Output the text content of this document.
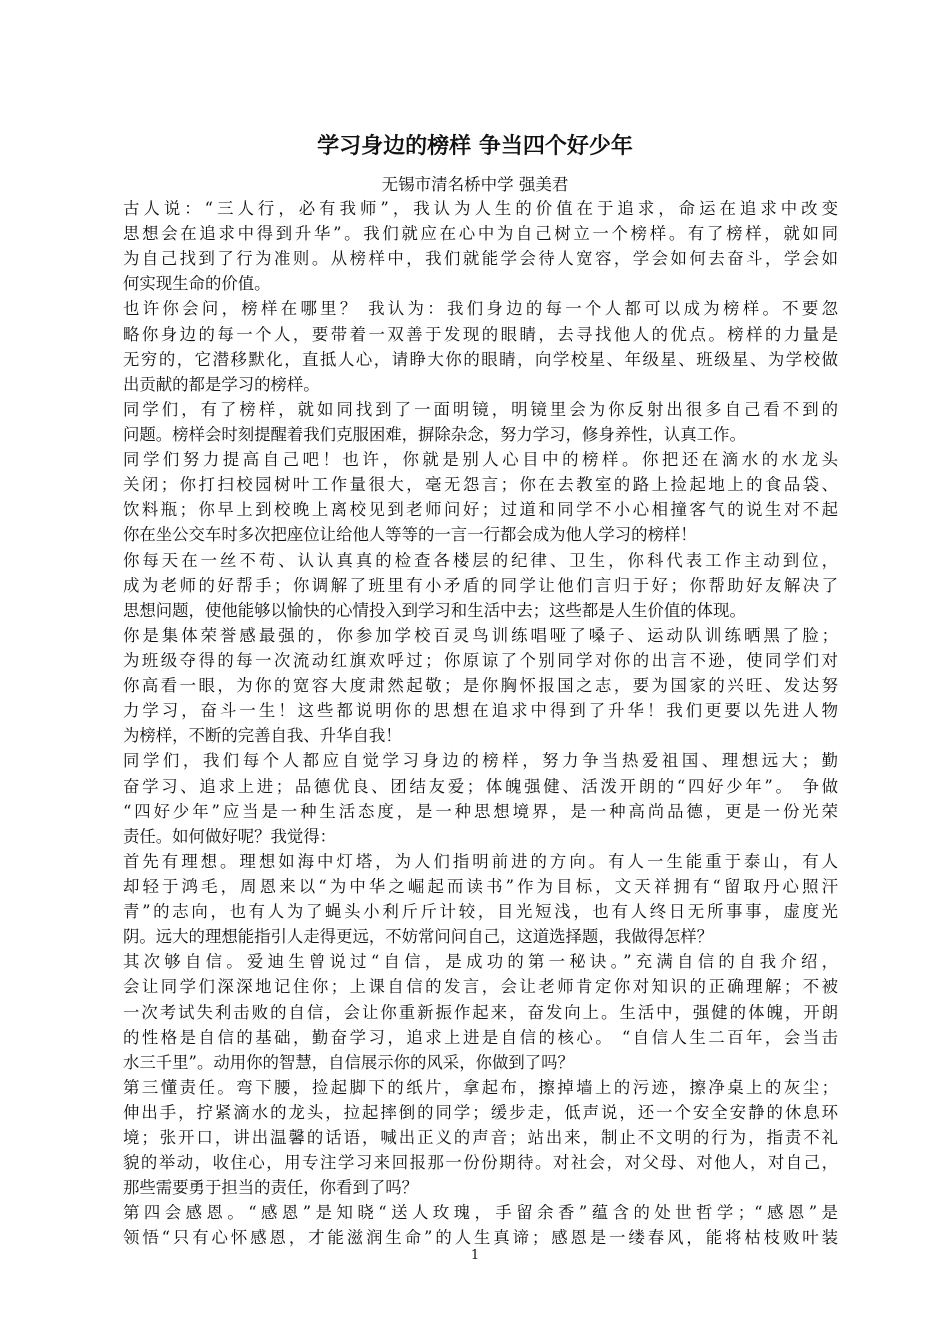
学习身边的榜样 争当四个好少年
无锡市清名桥中学 强美君
古人说：“三人行，必有我师”，我认为人生的价值在于追求，命运在追求中改变
思想会在追求中得到升华”。我们就应在心中为自己树立一个榜样。有了榜样，就如同
为自己找到了行为准则。从榜样中，我们就能学会待人宽容，学会如何去奋斗，学会如
何实现生命的价值。
也许你会问，榜样在哪里？ 我认为：我们身边的每一个人都可以成为榜样。不要忽
略你身边的每一个人，要带着一双善于发现的眼睛，去寻找他人的优点。榜样的力量是
无穷的，它潜移默化，直抵人心，请睁大你的眼睛，向学校星、年级星、班级星、为学校做
出贡献的都是学习的榜样。
同学们，有了榜样，就如同找到了一面明镜，明镜里会为你反射出很多自己看不到的
问题。榜样会时刻提醒着我们克服困难，摒除杂念，努力学习，修身养性，认真工作。
同学们努力提高自己吧！也许，你就是别人心目中的榜样。你把还在滴水的水龙头
关闭；你打扫校园树叶工作量很大，毫无怨言；你在去教室的路上捡起地上的食品袋、
饮料瓶；你早上到校晚上离校见到老师问好；过道和同学不小心相撞客气的说生对不起
你在坐公交车时多次把座位让给他人等等的一言一行都会成为他人学习的榜样！
你每天在一丝不苟、认认真真的检查各楼层的纪律、卫生，你科代表工作主动到位，
成为老师的好帮手；你调解了班里有小矛盾的同学让他们言归于好；你帮助好友解决了
思想问题，使他能够以愉快的心情投入到学习和生活中去；这些都是人生价值的体现。
你是集体荣誉感最强的，你参加学校百灵鸟训练唱哑了嗓子、运动队训练晒黑了脸；
为班级夺得的每一次流动红旗欢呼过；你原谅了个别同学对你的出言不逊，使同学们对
你高看一眼，为你的宽容大度肃然起敬；是你胸怀报国之志，要为国家的兴旺、发达努
力学习，奋斗一生！这些都说明你的思想在追求中得到了升华！我们更要以先进人物
为榜样，不断的完善自我、升华自我！
同学们，我们每个人都应自觉学习身边的榜样，努力争当热爱祖国、理想远大；勤
奋学习、追求上进；品德优良、团结友爱；体魄强健、活泼开朗的“四好少年”。 争做
“四好少年”应当是一种生活态度，是一种思想境界，是一种高尚品德，更是一份光荣
责任。如何做好呢？我觉得：
首先有理想。理想如海中灯塔，为人们指明前进的方向。有人一生能重于泰山，有人
却轻于鸿毛，周恩来以“为中华之崛起而读书”作为目标，文天祥拥有“留取丹心照汗
青”的志向，也有人为了蝇头小利斤斤计较，目光短浅，也有人终日无所事事，虚度光
阴。远大的理想能指引人走得更远，不妨常问问自己，这道选择题，我做得怎样？
其次够自信。爱迪生曾说过“自信，是成功的第一秘诀。”充满自信的自我介绍，
会让同学们深深地记住你；上课自信的发言，会让老师肯定你对知识的正确理解；不被
一次考试失利击败的自信，会让你重新振作起来，奋发向上。生活中，强健的体魄，开朗
的性格是自信的基础，勤奋学习，追求上进是自信的核心。 “自信人生二百年，会当击
水三千里”。动用你的智慧，自信展示你的风采，你做到了吗？
第三懂责任。弯下腰，捡起脚下的纸片，拿起布，擦掉墙上的污迹，擦净桌上的灰尘；
伸出手，拧紧滴水的龙头，拉起摔倒的同学；缓步走，低声说，还一个安全安静的休息环
境；张开口，讲出温馨的话语，喊出正义的声音；站出来，制止不文明的行为，指责不礼
貌的举动，收住心，用专注学习来回报那一份份期待。对社会，对父母、对他人，对自己，
那些需要勇于担当的责任，你看到了吗？
第四会感恩。“感恩”是知晓“送人玫瑰，手留余香”蕴含的处世哲学；“感恩”是
领悟“只有心怀感恩，才能滋润生命”的人生真谛；感恩是一缕春风，能将枯枝败叶装
1
